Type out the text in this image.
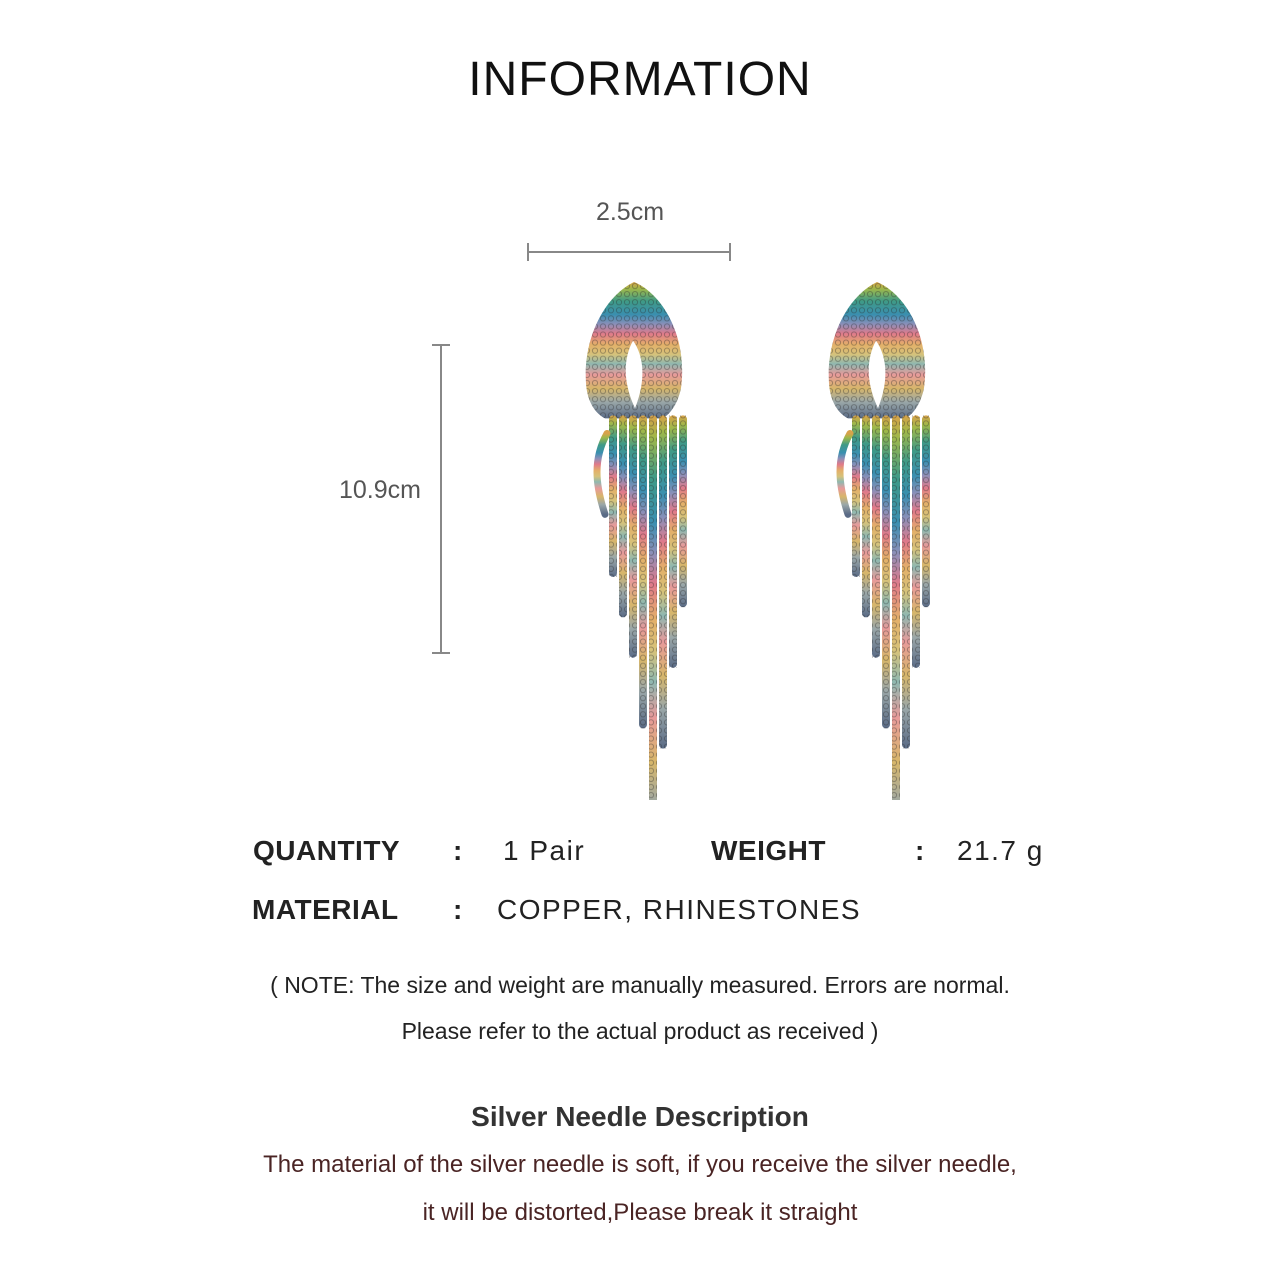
INFORMATION
2.5cm
10.9cm
QUANTITY : 1 Pair	WEIGHT	: 21.7 g
MATERIAL : COPPER, RHINESTONES
( NOTE: The size and weight are manually measured. Errors are normal.
Please refer to the actual product as received )
Silver Needle Description
The material of the silver needle is soft, if you receive the silver needle,
it will be distorted,Please break it straight
